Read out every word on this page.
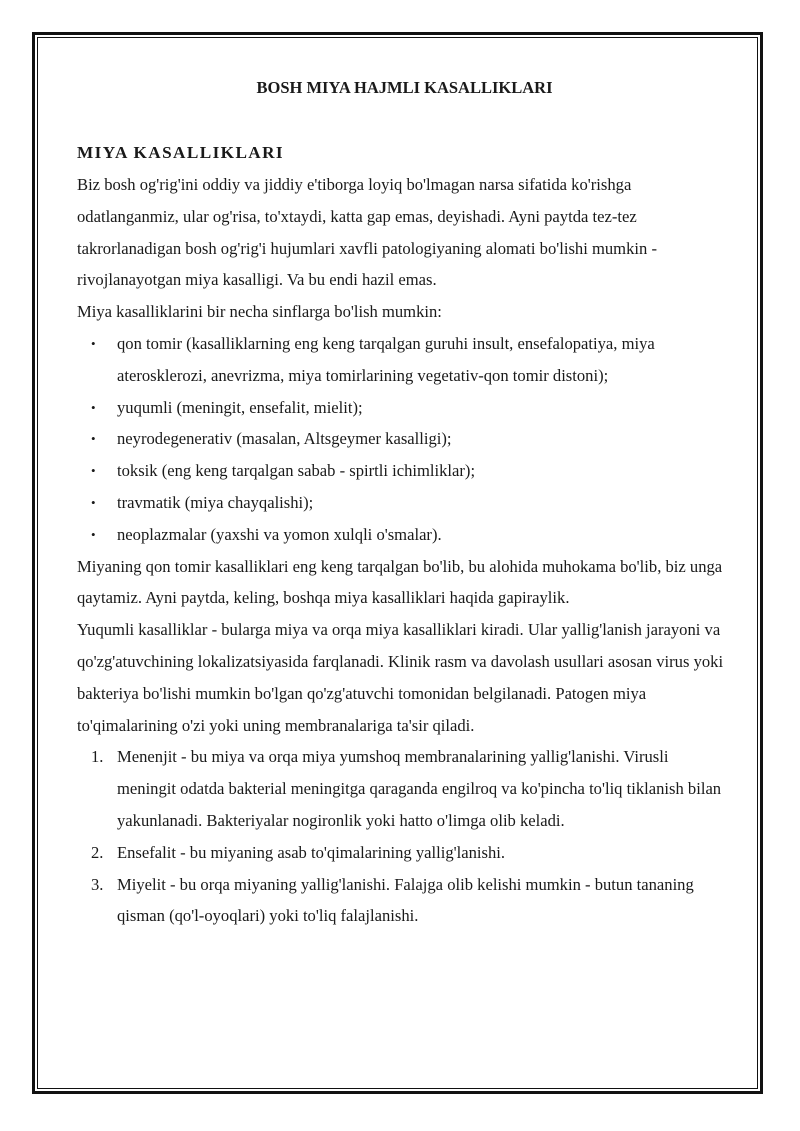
BOSH MIYA HAJMLI KASALLIKLARI
MIYA KASALLIKLARI

Biz bosh og'rig'ini oddiy va jiddiy e'tiborga loyiq bo'lmagan narsa sifatida ko'rishga odatlanganmiz, ular og'risa, to'xtaydi, katta gap emas, deyishadi. Ayni paytda tez-tez takrorlanadigan bosh og'rig'i hujumlari xavfli patologiyaning alomati bo'lishi mumkin - rivojlanayotgan miya kasalligi. Va bu endi hazil emas.

Miya kasalliklarini bir necha sinflarga bo'lish mumkin:

• qon tomir (kasalliklarning eng keng tarqalgan guruhi insult, ensefalopatiya, miya aterosklerozi, anevrizma, miya tomirlarining vegetativ-qon tomir distoni);
• yuqumli (meningit, ensefalit, mielit);
• neyrodegenerativ (masalan, Altsgeymer kasalligi);
• toksik (eng keng tarqalgan sabab - spirtli ichimliklar);
• travmatik (miya chayqalishi);
• neoplazmalar (yaxshi va yomon xulqli o'smalar).

Miyaning qon tomir kasalliklari eng keng tarqalgan bo'lib, bu alohida muhokama bo'lib, biz unga qaytamiz. Ayni paytda, keling, boshqa miya kasalliklari haqida gapiraylik.

Yuqumli kasalliklar - bularga miya va orqa miya kasalliklari kiradi. Ular yallig'lanish jarayoni va qo'zg'atuvchining lokalizatsiyasida farqlanadi. Klinik rasm va davolash usullari asosan virus yoki bakteriya bo'lishi mumkin bo'lgan qo'zg'atuvchi tomonidan belgilanadi. Patogen miya to'qimalarining o'zi yoki uning membranalariga ta'sir qiladi.

1. Menenjit - bu miya va orqa miya yumshoq membranalarining yallig'lanishi. Virusli meningit odatda bakterial meningitga qaraganda engilroq va ko'pincha to'liq tiklanish bilan yakunlanadi. Bakteriyalar nogironlik yoki hatto o'limga olib keladi.
2. Ensefalit - bu miyaning asab to'qimalarining yallig'lanishi.
3. Miyelit - bu orqa miyaning yallig'lanishi. Falajga olib kelishi mumkin - butun tananing qisman (qo'l-oyoqlari) yoki to'liq falajlanishi.
